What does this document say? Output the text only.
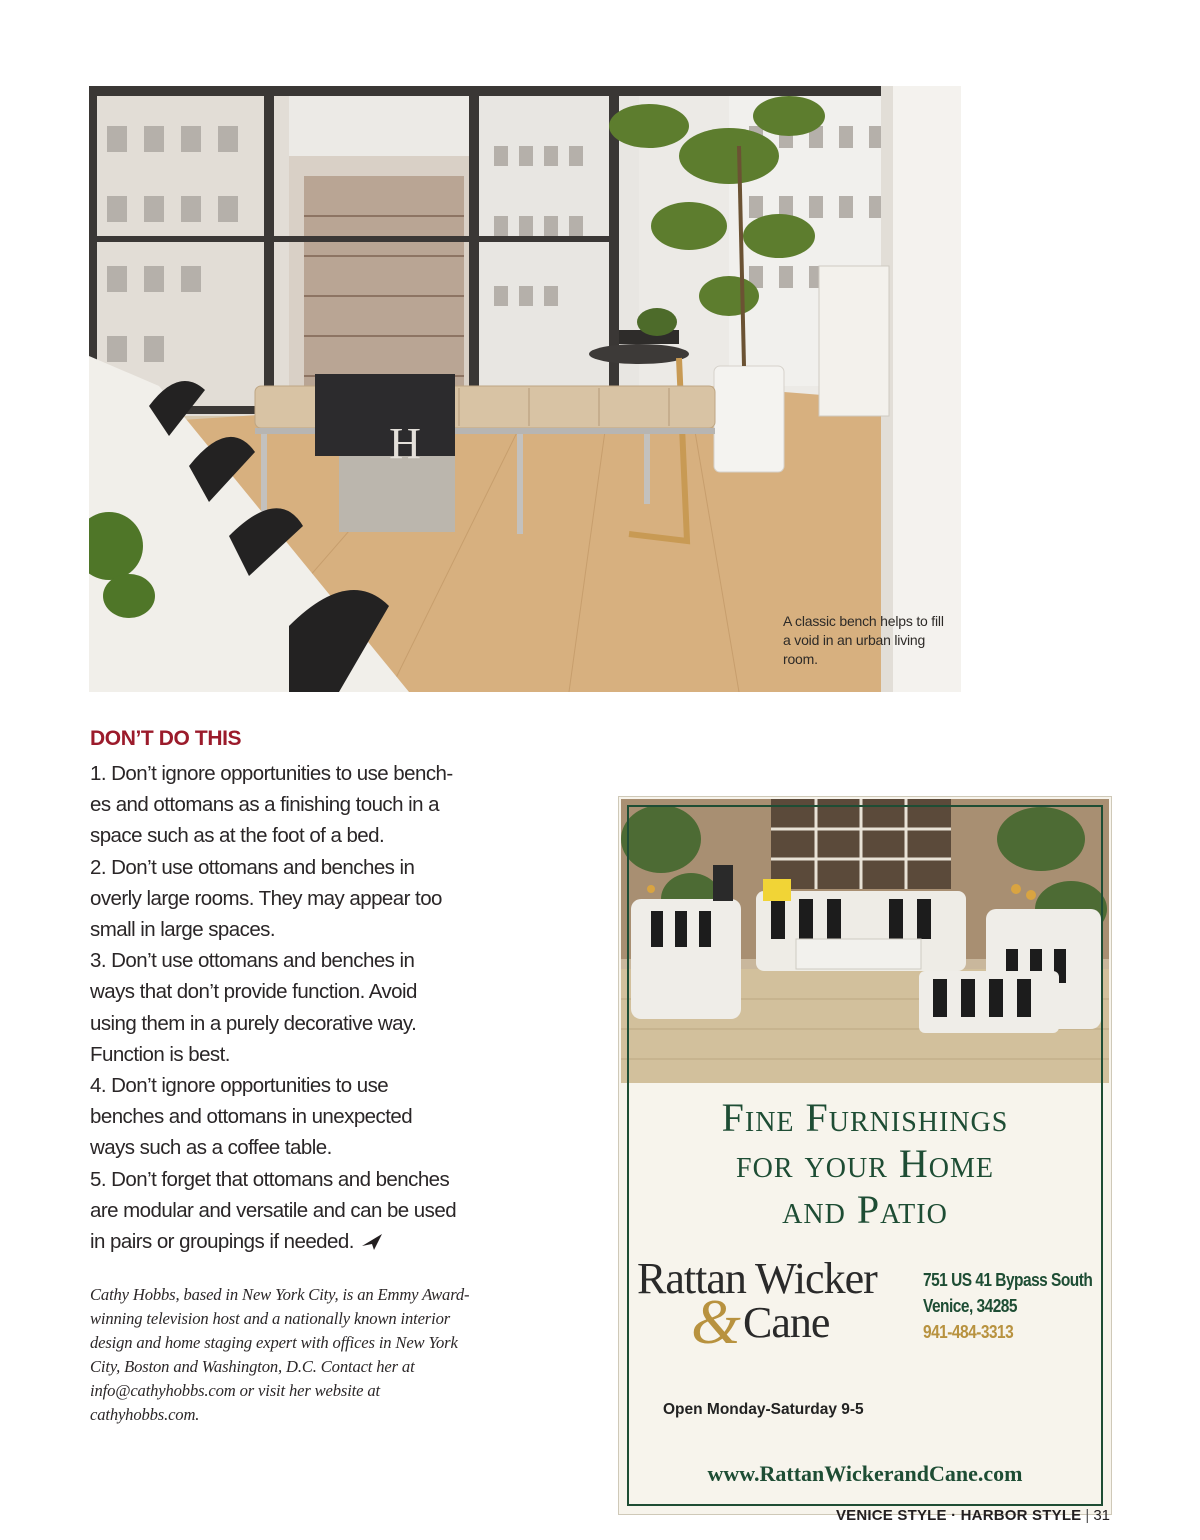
H
A classic bench helps to fill a void in an urban living room.
DON’T DO THIS

1. Don’t ignore opportunities to use bench-

es and ottomans as a finishing touch in a

space such as at the foot of a bed.

2. Don’t use ottomans and benches in

overly large rooms. They may appear too

small in large spaces.

3. Don’t use ottomans and benches in

ways that don’t provide function. Avoid

using them in a purely decorative way.

Function is best.

4. Don’t ignore opportunities to use

benches and ottomans in unexpected

ways such as a coffee table.

5. Don’t forget that ottomans and benches

are modular and versatile and can be used

in pairs or groupings if needed.

Cathy Hobbs, based in New York City, is an Emmy Award-winning television host and a nationally known interior design and home staging expert with offices in New York City, Boston and Washington, D.C. Contact her at info@cathyhobbs.com or visit her website at cathyhobbs.com.
Fine Furnishings
for your Home
and Patio
Rattan Wicker
& Cane
751 US 41 Bypass South
Venice, 34285
941-484-3313
Open Monday-Saturday 9-5
www.RattanWickerandCane.com
VENICE STYLE · HARBOR STYLE | 31
